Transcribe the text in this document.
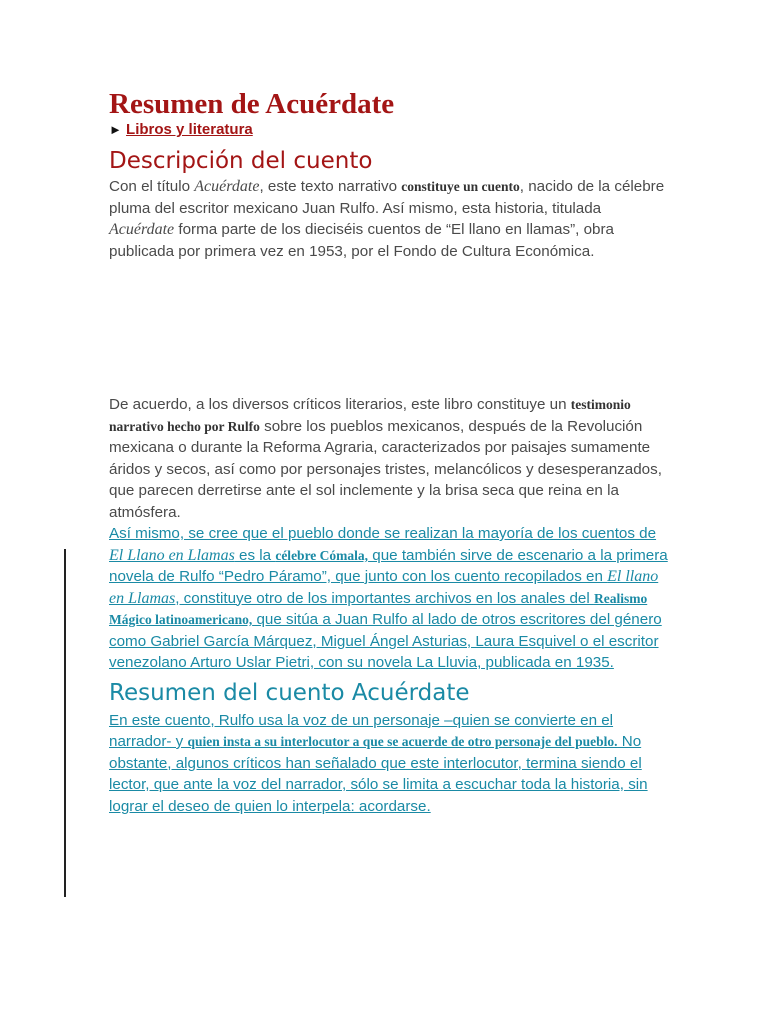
Resumen de Acuérdate
► Libros y literatura
Descripción del cuento

Con el título Acuérdate, este texto narrativo constituye un cuento, nacido de la célebre pluma del escritor mexicano Juan Rulfo. Así mismo, esta historia, titulada Acuérdate forma parte de los dieciséis cuentos de “El llano en llamas”, obra publicada por primera vez en 1953, por el Fondo de Cultura Económica.

De acuerdo, a los diversos críticos literarios, este libro constituye un testimonio narrativo hecho por Rulfo sobre los pueblos mexicanos, después de la Revolución mexicana o durante la Reforma Agraria, caracterizados por paisajes sumamente áridos y secos, así como por personajes tristes, melancólicos y desesperanzados, que parecen derretirse ante el sol inclemente y la brisa seca que reina en la atmósfera.

Así mismo, se cree que el pueblo donde se realizan la mayoría de los cuentos de El Llano en Llamas es la célebre Cómala, que también sirve de escenario a la primera novela de Rulfo “Pedro Páramo”, que junto con los cuento recopilados en El llano en Llamas, constituye otro de los importantes archivos en los anales del Realismo Mágico latinoamericano, que sitúa a Juan Rulfo al lado de otros escritores del género como Gabriel García Márquez, Miguel Ángel Asturias, Laura Esquivel o el escritor venezolano Arturo Uslar Pietri, con su novela La Lluvia, publicada en 1935.

Resumen del cuento Acuérdate

En este cuento, Rulfo usa la voz de un personaje –quien se convierte en el narrador- y quien insta a su interlocutor a que se acuerde de otro personaje del pueblo. No obstante, algunos críticos han señalado que este interlocutor, termina siendo el lector, que ante la voz del narrador, sólo se limita a escuchar toda la historia, sin lograr el deseo de quien lo interpela: acordarse.
